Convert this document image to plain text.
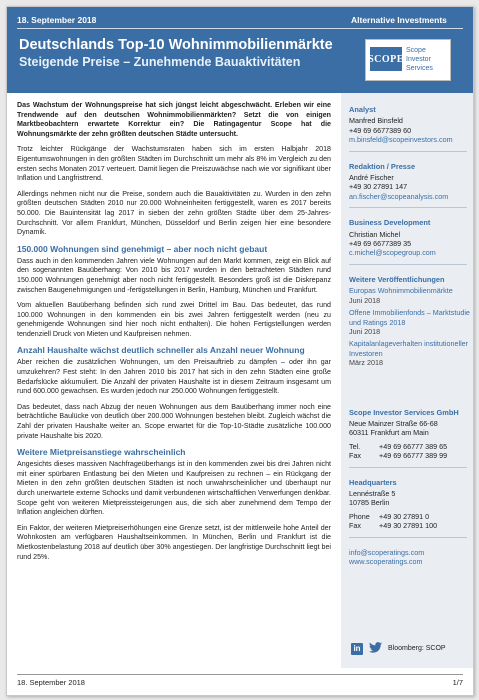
18. September 2018	Alternative Investments
Deutschlands Top-10 Wohnimmobilienmärkte
Steigende Preise – Zunehmende Bauaktivitäten	SCOPE
Scope
Investor
Services

Das Wachstum der Wohnungspreise hat sich jüngst leicht abgeschwächt. Erleben wir eine Trendwende auf den deutschen Wohnimmobilienmärkten? Setzt die von einigen Marktbeobachtern erwartete Korrektur ein? Die Ratingagentur Scope hat die Wohnungsmärkte der zehn größten deutschen Städte untersucht.

Trotz leichter Rückgänge der Wachstumsraten haben sich im ersten Halbjahr 2018 Eigentumswohnungen in den größten Städten im Durchschnitt um mehr als 8% im Vergleich zu den ersten sechs Monaten 2017 verteuert. Damit liegen die Preiszuwächse nach wie vor signifikant über Inflation und Langfristtrend.

Allerdings nehmen nicht nur die Preise, sondern auch die Bauaktivitäten zu. Wurden in den zehn größten deutschen Städten 2010 nur 20.000 Wohneinheiten fertiggestellt, waren es 2017 bereits 50.000. Die Bauintensität lag 2017 in sieben der zehn größten Städte über dem 25-Jahres-Durchschnitt. Vor allem Frankfurt, München, Düsseldorf und Berlin zeigen hier eine besondere Dynamik.

150.000 Wohnungen sind genehmigt – aber noch nicht gebaut

Dass auch in den kommenden Jahren viele Wohnungen auf den Markt kommen, zeigt ein Blick auf den sogenannten Bauüberhang: Von 2010 bis 2017 wurden in den betrachteten Städten rund 150.000 Wohnungen genehmigt aber noch nicht fertiggestellt. Besonders groß ist die Diskrepanz zwischen Baugenehmigungen und -fertigstellungen in Berlin, Hamburg, München und Frankfurt.

Vom aktuellen Bauüberhang befinden sich rund zwei Drittel im Bau. Das bedeutet, das rund 100.000 Wohnungen in den kommenden ein bis zwei Jahren fertiggestellt werden (neu zu genehmigende Wohnungen sind hier noch nicht enthalten). Die hohen Fertigstellungen werden tendenziell Druck von Mieten und Kaufpreisen nehmen.

Anzahl Haushalte wächst deutlich schneller als Anzahl neuer Wohnung

Aber reichen die zusätzlichen Wohnungen, um den Preisauftrieb zu dämpfen – oder ihn gar umzukehren? Fest steht: In den Jahren 2010 bis 2017 hat sich in den zehn Städten eine große Bedarfslücke akkumuliert. Die Anzahl der privaten Haushalte ist in diesem Zeitraum insgesamt um rund 600.000 gewachsen. Es wurden jedoch nur 250.000 Wohnungen fertiggestellt.

Das bedeutet, dass nach Abzug der neuen Wohnungen aus dem Bauüberhang immer noch eine beträchtliche Baulücke von deutlich über 200.000 Wohnungen bestehen bleibt. Zugleich wächst die Zahl der privaten Haushalte weiter an. Scope erwartet für die Top-10-Städte zusätzliche 100.000 private Haushalte bis 2020.

Weitere Mietpreisanstiege wahrscheinlich

Angesichts dieses massiven Nachfrageüberhangs ist in den kommenden zwei bis drei Jahren nicht mit einer spürbaren Entlastung bei den Mieten und Kaufpreisen zu rechnen – ein Rückgang der Mieten in den zehn größten deutschen Städten ist noch unwahrscheinlicher und überhaupt nur durch unerwartete externe Schocks und damit verbundenen wirtschaftlichen Verwerfungen denkbar. Scope geht von weiteren Mietpreissteigerungen aus, die sich aber zunehmend dem Tempo der Inflation angleichen dürften.

Ein Faktor, der weiteren Mietpreiserhöhungen eine Grenze setzt, ist der mittlerweile hohe Anteil der Wohnkosten am verfügbaren Haushaltseinkommen. In München, Berlin und Frankfurt ist die Mietkostenbelastung 2018 auf deutlich über 30% angestiegen. Der langfristige Durchschnitt liegt bei rund 25%.

Analyst
Manfred Binsfeld
+49 69 6677389 60
m.binsfeld@scopeinvestors.com
Redaktion / Presse
André Fischer
+49 30 27891 147
an.fischer@scopeanalysis.com
Business Development
Christian Michel
+49 69 6677389 35
c.michel@scopegroup.com
Weitere Veröffentlichungen
Europas Wohnimmobilienmärkte
Juni 2018
Offene Immobilienfonds – Marktstudie und Ratings 2018
Juni 2018
Kapitalanlageverhalten institutioneller Investoren
März 2018
Scope Investor Services GmbH
Neue Mainzer Straße 66-68
60311 Frankfurt am Main
Tel.	+49 69 66777 389 65
Fax	+49 69 66777 389 99
Headquarters
Lennéstraße 5
10785 Berlin
Phone	+49 30 27891 0
Fax	+49 30 27891 100
info@scoperatings.com
www.scoperatings.com
in	Bloomberg: SCOP
18. September 2018	1/7
